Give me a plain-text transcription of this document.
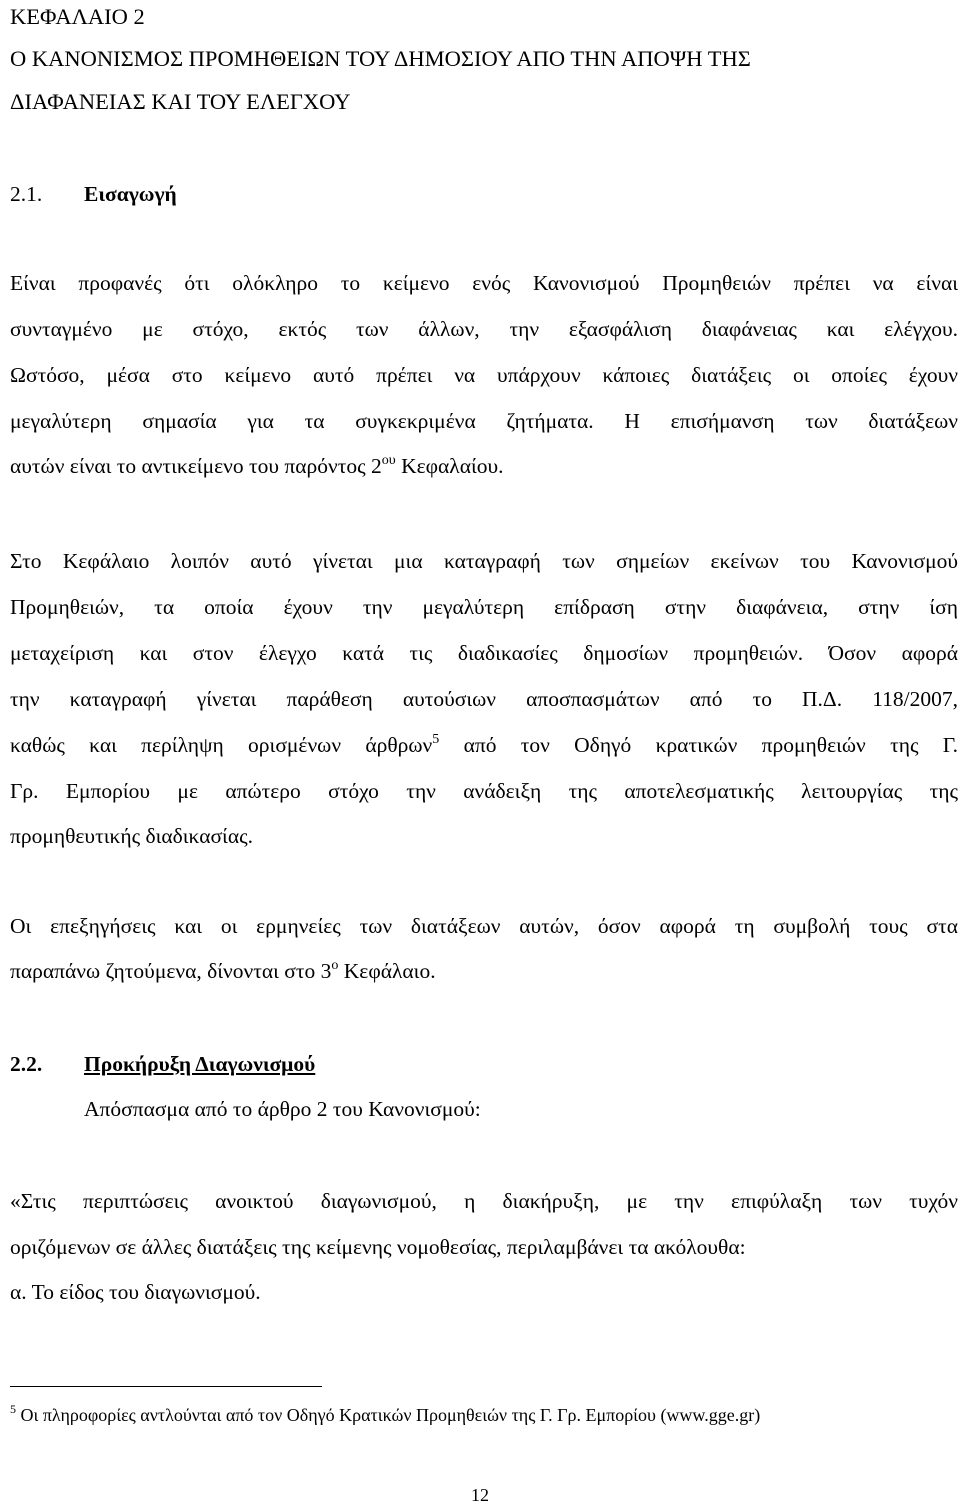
ΚΕΦΑΛΑΙΟ 2
Ο ΚΑΝΟΝΙΣΜΟΣ ΠΡΟΜΗΘΕΙΩΝ ΤΟΥ ΔΗΜΟΣΙΟΥ ΑΠΟ ΤΗΝ ΑΠΟΨΗ ΤΗΣ
ΔΙΑΦΑΝΕΙΑΣ ΚΑΙ ΤΟΥ ΕΛΕΓΧΟΥ
2.1. Εισαγωγή
Είναι προφανές ότι ολόκληρο το κείμενο ενός Κανονισμού Προμηθειών πρέπει να είναι
συνταγμένο με στόχο, εκτός των άλλων, την εξασφάλιση διαφάνειας και ελέγχου.
Ωστόσο, μέσα στο κείμενο αυτό πρέπει να υπάρχουν κάποιες διατάξεις οι οποίες έχουν
μεγαλύτερη σημασία για τα συγκεκριμένα ζητήματα. Η επισήμανση των διατάξεων
αυτών είναι το αντικείμενο του παρόντος $2^{o\upsilon}$ Κεφαλαίου.
Στο Κεφάλαιο λοιπόν αυτό γίνεται μια καταγραφή των σημείων εκείνων του Κανονισμού
Προμηθειών, τα οποία έχουν την μεγαλύτερη επίδραση στην διαφάνεια, στην ίση
μεταχείριση και στον έλεγχο κατά τις διαδικασίες δημοσίων προμηθειών. Όσον αφορά
την καταγραφή γίνεται παράθεση αυτούσιων αποσπασμάτων από το Π.Δ. 118/2007,
καθώς και περίληψη ορισμένων άρθρων$^5$ από τον Οδηγό κρατικών προμηθειών της Γ.
Γρ. Εμπορίου με απώτερο στόχο την ανάδειξη της αποτελεσματικής λειτουργίας της
προμηθευτικής διαδικασίας.
Οι επεξηγήσεις και οι ερμηνείες των διατάξεων αυτών, όσον αφορά τη συμβολή τους στα
παραπάνω ζητούμενα, δίνονται στο $3^o$ Κεφάλαιο.
2.2. Προκήρυξη Διαγωνισμού
Απόσπασμα από το άρθρο 2 του Κανονισμού:
«Στις περιπτώσεις ανοικτού διαγωνισμού, η διακήρυξη, με την επιφύλαξη των τυχόν
οριζόμενων σε άλλες διατάξεις της κείμενης νομοθεσίας, περιλαμβάνει τα ακόλουθα:
α. Το είδος του διαγωνισμού.
$^5$ Οι πληροφορίες αντλούνται από τον Οδηγό Κρατικών Προμηθειών της Γ. Γρ. Εμπορίου (www.gge.gr)
12
